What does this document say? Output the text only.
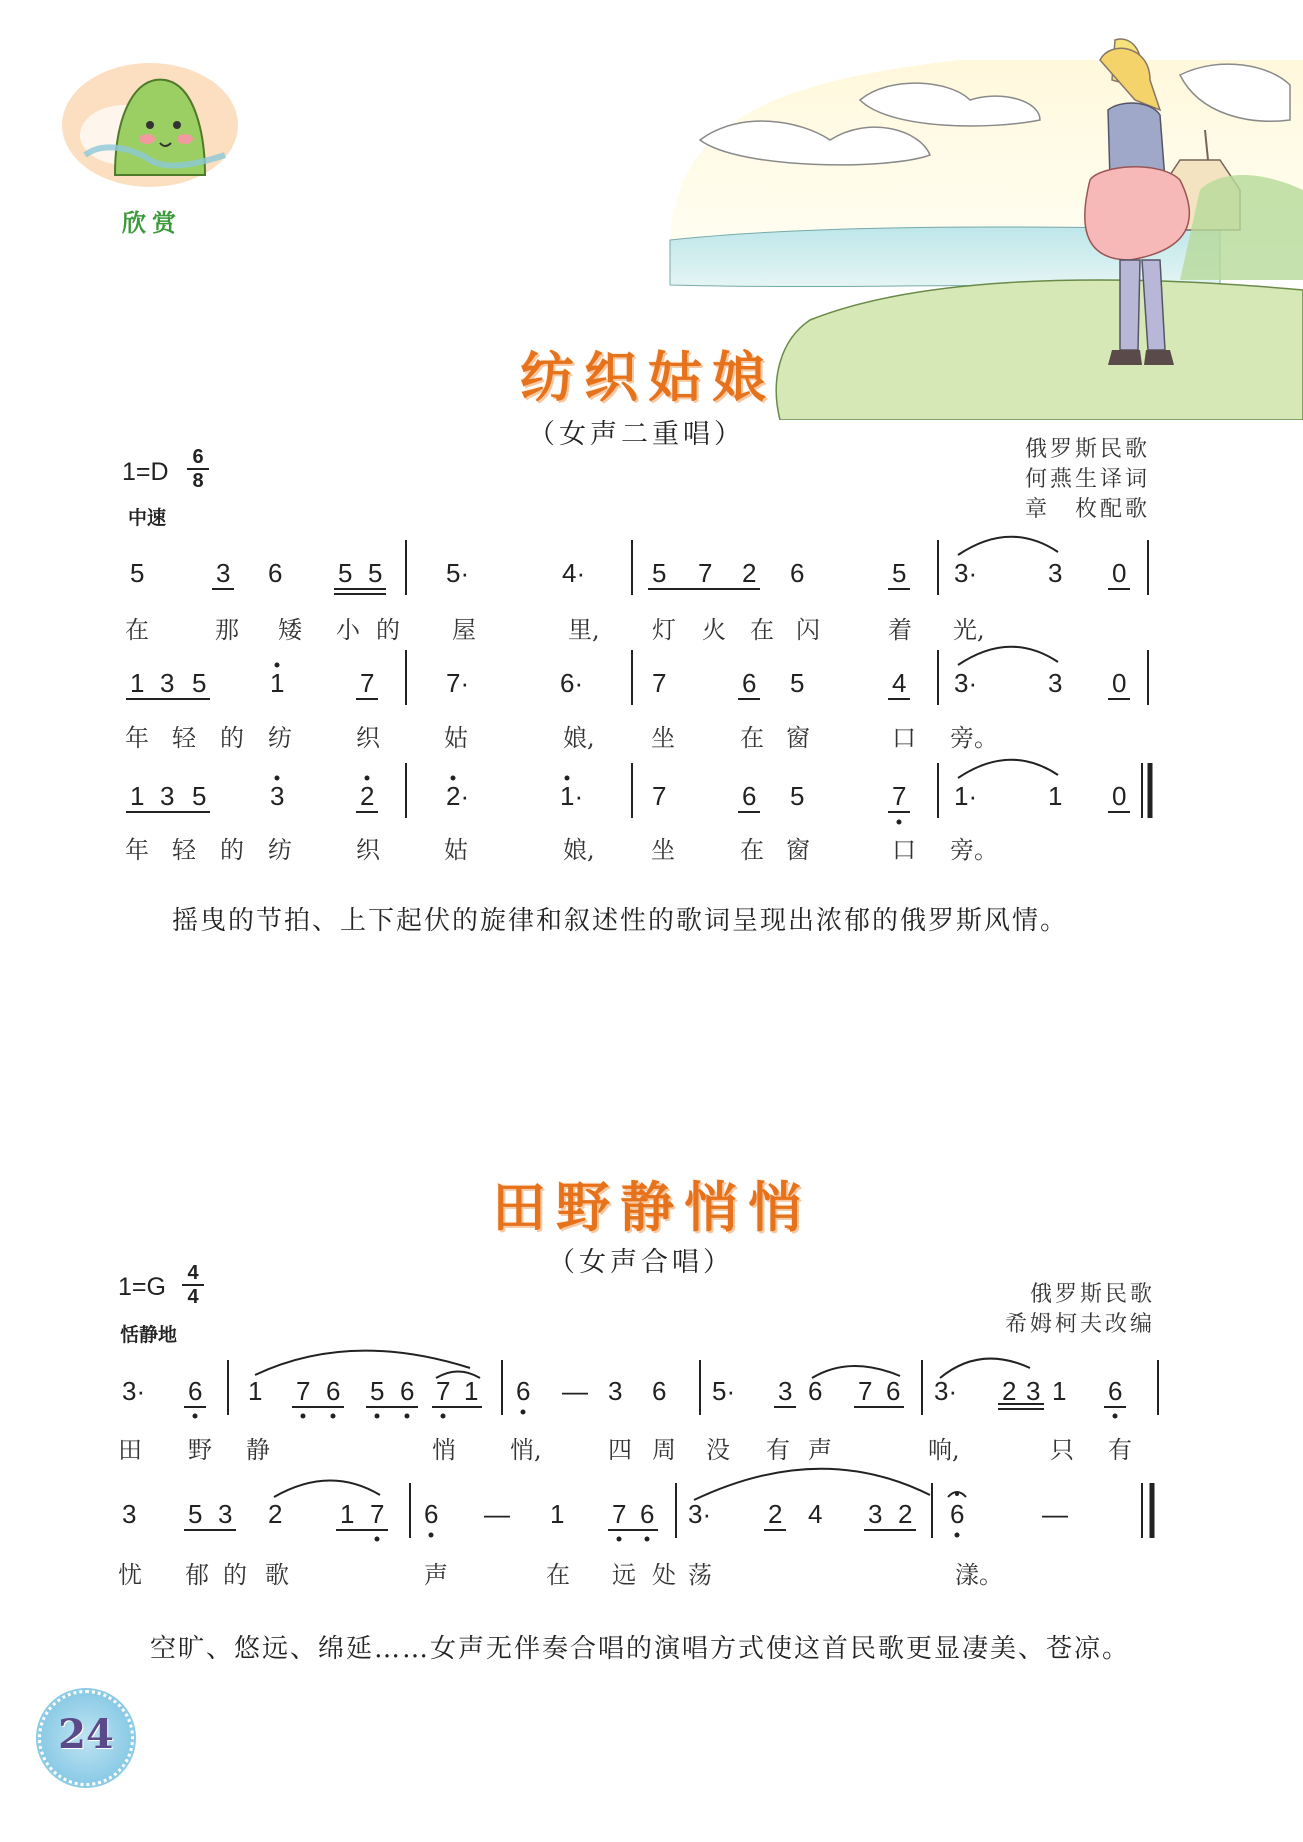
欣赏
纺织姑娘
（女声二重唱）
1=D
6
8
中速
俄罗斯民歌
何燕生译词
章　枚配歌
5	3 6 5 5 5·	4·	5 7 2 6	5 3·	3 0
1 3 5 1	7	7·	6·	7	6 5	4 3·	3 0
1 3 5 3	2	2·	1·	7	6 5	7 1·	1 0
在	那 矮 小 的 屋	里, 灯 火 在 闪	着 光,
年 轻 的 纺	织	姑	娘, 坐	在 窗	口 旁。
年 轻 的 纺	织	姑	娘, 坐	在 窗	口 旁。
摇曳的节拍、上下起伏的旋律和叙述性的歌词呈现出浓郁的俄罗斯风情。
田野静悄悄
（女声合唱）
1=G 4
4
恬静地
俄罗斯民歌
希姆柯夫改编
3· 6 1 7 6 5 6 7 1 6 — 3 6 5· 3 6 7 6 3· 2 3 1 6
3 5 3 2 1 7 6 — 1 7 6 3· 2 4 3 2 6	—
田 野 静	悄 悄,	四 周 没 有 声	响,	只 有
忧 郁 的 歌	声	在 远 处 荡	漾。
空旷、悠远、绵延……女声无伴奏合唱的演唱方式使这首民歌更显凄美、苍凉。
24
